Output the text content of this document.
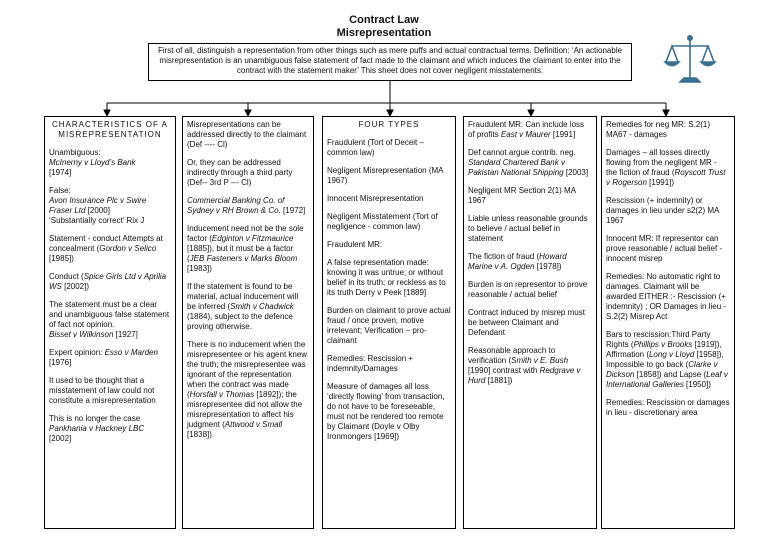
Contract Law
Misrepresentation
First of all, distinguish a representation from other things such as mere puffs and actual contractual terms. Definition: ‘An actionable misrepresentation is an unambiguous false statement of fact made to the claimant and which induces the claimant to enter into the contract with the statement maker’ This sheet does not cover negligent misstatements.

CHARACTERISTICS OF A MISREPRESENTATION

Unambiguous:
McInerny v Lloyd’s Bank
[1974]

False:
Avon Insurance Plc v Swire Fraser Ltd [2000]
‘Substantially correct’ Rix J

Statement - conduct Attempts at concealment (Gordon v Selico [1985])

Conduct (Spice Girls Ltd v Aprilia WS [2002])

The statement must be a clear and unambiguous false statement of fact not opinion.
Bisset v Wilkinson [1927]

Expert opinion: Esso v Marden [1976]

It used to be thought that a misstatement of law could not constitute a misrepresentation

This is no longer the case
Pankhania v Hackney LBC
[2002]

Misrepresentations can be addressed directly to the claimant (Def ---- Cl)

Or, they can be addressed indirectly through a third party (Def-- 3rd P --- Cl)

Commercial Banking Co. of Sydney v RH Brown & Co. [1972]

Inducement need not be the sole factor (Edginton v Fitzmaurice [1885]), but it must be a factor (JEB Fasteners v Marks Bloom [1983])

If the statement is found to be material, actual inducement will be inferred (Smith v Chadwick (1884), subject to the defence proving otherwise.

There is no inducement when the misrepresentee or his agent knew the truth; the misrepresentee was ignorant of the representation when the contract was made (Horsfall v Thomas [1892]); the misrepresentee did not allow the misrepresentation to affect his judgment (Attwood v Small [1838]).

FOUR TYPES

Fraudulent (Tort of Deceit – common law)

Negligent Misrepresentation (MA 1967)

Innocent Misrepresentation

Negligent Misstatement (Tort of negligence - common law)

Fraudulent MR:

A false representation made: knowing it was untrue; or without belief in its truth; or reckless as to its truth Derry v Peek [1889]

Burden on claimant to prove actual fraud / once proven, motive irrelevant; Verification – pro-claimant

Remedies: Rescission + indemnity/Damages

Measure of damages all loss ‘directly flowing’ from transaction, do not have to be foreseeable, must not be rendered too remote by Claimant (Doyle v Olby Ironmongers [1969])

Fraudulent MR: Can include loss of profits East v Maurer [1991]

Def cannot argue contrib. neg. Standard Chartered Bank v Pakistan National Shipping [2003]

Negligent MR Section 2(1) MA 1967

Liable unless reasonable grounds to believe / actual belief in statement

The fiction of fraud (Howard Marine v A. Ogden [1978])

Burden is on representor to prove reasonable / actual belief

Contract induced by misrep must be between Claimant and Defendant

Reasonable approach to verification (Smith v E. Bush [1990] contrast with Redgrave v Hurd [1881])

Remedies for neg MR: S.2(1) MA67 - damages

Damages – all losses directly flowing from the negligent MR - the fiction of fraud (Royscott Trust v Rogerson [1991])

Rescission (+ indemnity) or damages in lieu under s2(2) MA 1967

Innocent MR: If representor can prove reasonable / actual belief - innocent misrep

Remedies: No automatic right to damages. Claimant will be awarded EITHER :- Rescission (+ indemnity) ; OR Damages in lieu - S.2(2) Misrep Act

Bars to rescission:Third Party Rights (Phillips v Brooks [1919]), Affirmation (Long v Lloyd [1958]), Impossible to go back (Clarke v Dickson [1858]) and Lapse (Leaf v International Galleries [1950])

Remedies: Rescission or damages in lieu - discretionary area
